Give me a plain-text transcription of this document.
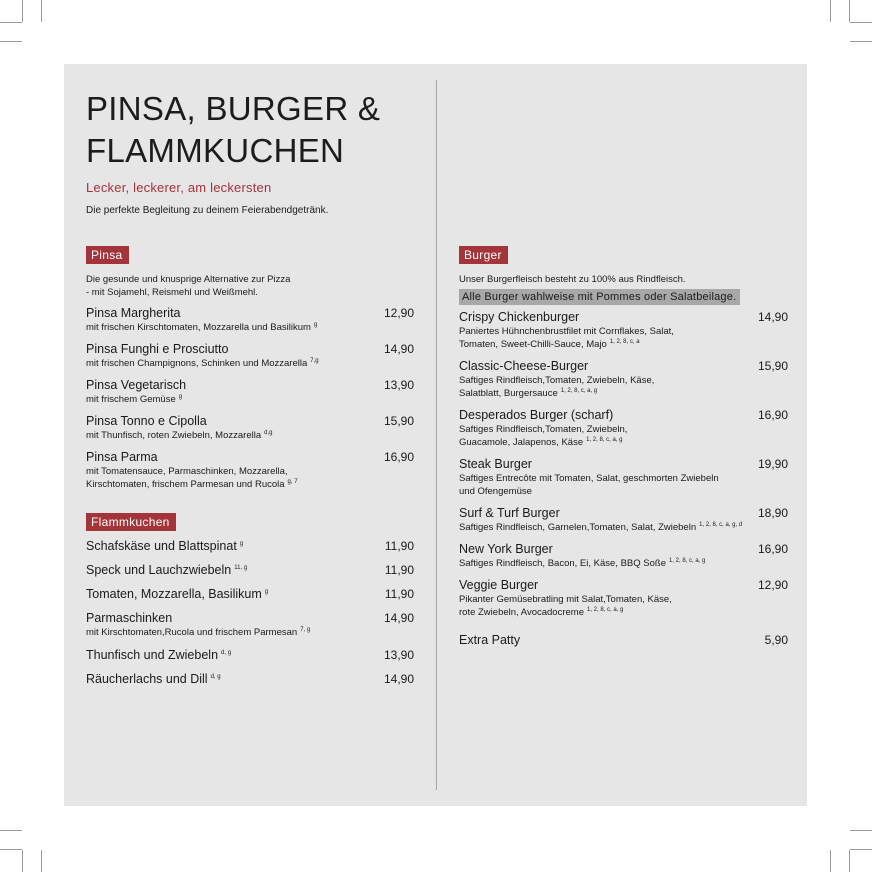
PINSA, BURGER &
FLAMMKUCHEN
Lecker, leckerer, am leckersten
Die perfekte Begleitung zu deinem Feierabendgetränk.
Pinsa
Die gesunde und knusprige Alternative zur Pizza
- mit Sojamehl, Reismehl und Weißmehl.
Pinsa Margherita	12,90
mit frischen Kirschtomaten, Mozzarella und Basilikum $^g$
Pinsa Funghi e Prosciutto	14,90
mit frischen Champignons, Schinken und Mozzarella $^{7,g}$
Pinsa Vegetarisch	13,90
mit frischem Gemüse $^g$
Pinsa Tonno e Cipolla	15,90
mit Thunfisch, roten Zwiebeln, Mozzarella $^{d,g}$
Pinsa Parma	16,90
mit Tomatensauce, Parmaschinken, Mozzarella,
Kirschtomaten, frischem Parmesan und Rucola $^{g, 7}$
Flammkuchen
Schafskäse und Blattspinat $^g$	11,90
Speck und Lauchzwiebeln $^{11, g}$	11,90
Tomaten, Mozzarella, Basilikum $^g$	11,90
Parmaschinken	14,90
mit Kirschtomaten,Rucola und frischem Parmesan $^{7, g}$
Thunfisch und Zwiebeln $^{d, g}$	13,90
Räucherlachs und Dill $^{d, g}$	14,90
Burger
Unser Burgerfleisch besteht zu 100% aus Rindfleisch.
Alle Burger wahlweise mit Pommes oder Salatbeilage.
Crispy Chickenburger	14,90
Paniertes Hühnchenbrustfilet mit Cornflakes, Salat,
Tomaten, Sweet-Chilli-Sauce, Majo $^{1, 2, 8, c, a}$
Classic-Cheese-Burger	15,90
Saftiges Rindfleisch,Tomaten, Zwiebeln, Käse,
Salatblatt, Burgersauce $^{1, 2, 8, c, a, g}$
Desperados Burger (scharf)	16,90
Saftiges Rindfleisch,Tomaten, Zwiebeln,
Guacamole, Jalapenos, Käse $^{1, 2, 8, c, a, g}$
Steak Burger	19,90
Saftiges Entrecôte mit Tomaten, Salat, geschmorten Zwiebeln
und Ofengemüse
Surf & Turf Burger	18,90
Saftiges Rindfleisch, Garnelen,Tomaten, Salat, Zwiebeln $^{1, 2, 8, c, a, g, d}$
New York Burger	16,90
Saftiges Rindfleisch, Bacon, Ei, Käse, BBQ Soße $^{1, 2, 8, c, a, g}$
Veggie Burger	12,90
Pikanter Gemüsebratling mit Salat,Tomaten, Käse,
rote Zwiebeln, Avocadocreme $^{1, 2, 8, c, a, g}$
Extra Patty	5,90
